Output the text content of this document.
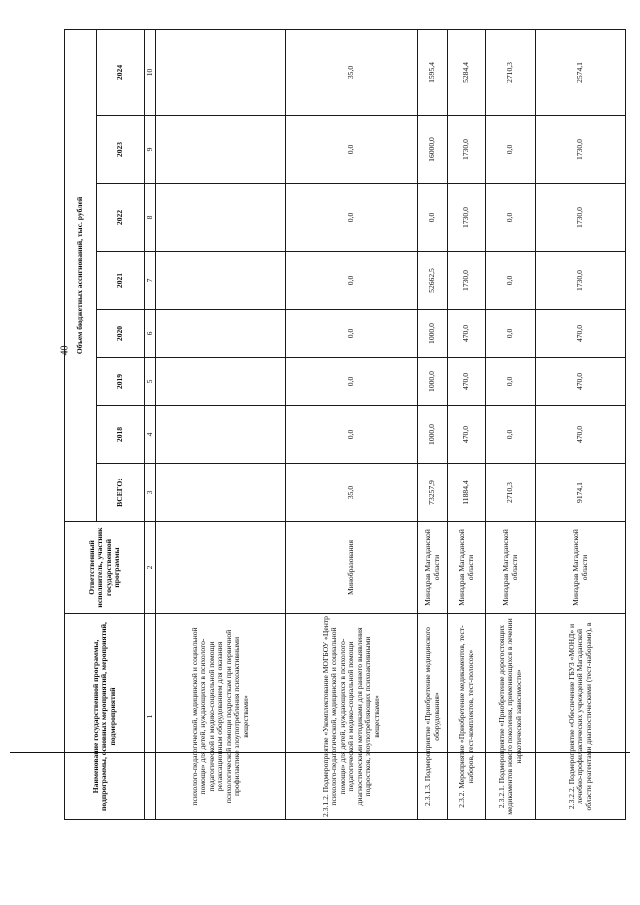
40
Наименование государственной программы, подпрограммы, основных мероприятий, мероприятий, подмероприятий	Ответственный исполнитель, участник государственной программы	Объем бюджетных ассигнований, тыс. рублей							
		ВСЕГО:	2018	2019	2020	2021	2022	2023	2024
1	2	3	4	5	6	7	8	9	10
психолого-педагогической, медицинской и социальной помощи» для детей, нуждающихся в психолого-педагогической и медико-социальной помощи релаксационным оборудованием для оказания психологической помощи подросткам при первичной профилактике злоупотребления психоактивными веществами»									
2.3.1.2. Подмероприятие «Укомплектование МОГБОУ «Центр психолого-педагогической, медицинской и социальной помощи» для детей, нуждающихся в психолого-педагогической и медико-социальной помощи диагностическими методиками для раннего выявления подростков, злоупотребляющих психоактивными веществами»	Минобразования	35,0	0,0	0,0	0,0	0,0	0,0	0,0	35,0
2.3.1.3. Подмероприятие «Приобретение медицинского оборудования»	Минздрав Магаданской области	73257,9	1000,0	1000,0	1000,0	52662,5	0,0	16000,0	1595,4
2.3.2. Мероприятие «Приобретение медикаментов, тест-наборов, тест-комплектов, тест-полосок»	Минздрав Магаданской области	11884,4	470,0	470,0	470,0	1730,0	1730,0	1730,0	5284,4
2.3.2.1. Подмероприятие «Приобретение дорогостоящих медикаментов нового поколения, применяющихся в лечении наркотической зависимости»	Минздрав Магаданской области	2710,3	0,0	0,0	0,0	0,0	0,0	0,0	2710,3
2.3.2.2. Подмероприятие «Обеспечение ГБУЗ «МОНД» и лечебно-профилактических учреждений Магаданской области реагентами диагностическими (тест-наборами), в	Минздрав Магаданской области	9174,1	470,0	470,0	470,0	1730,0	1730,0	1730,0	2574,1
